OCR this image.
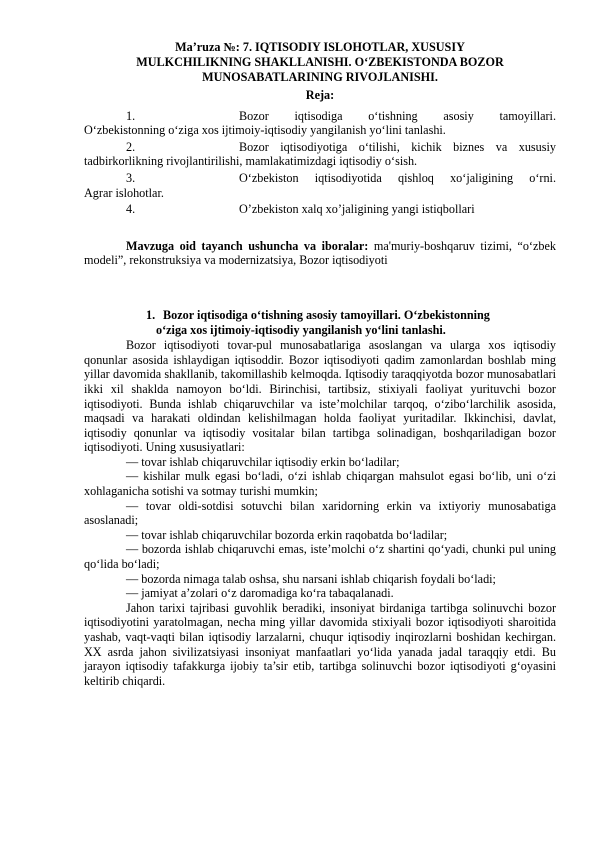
Ma’ruza №: 7. IQTISODIY ISLOHOTLAR, XUSUSIY
MULKCHILIKNING SHAKLLANISHI. O‘ZBEKISTONDA BOZOR
MUNOSABATLARINING RIVOJLANISHI.
Reja:
1.	Bozor iqtisodiga o‘tishning asosiy tamoyillari.
O‘zbekistonning o‘ziga xos ijtimoiy-iqtisodiy yangilanish yo‘lini tanlashi.
2.	Bozor iqtisodiyotiga o‘tilishi, kichik biznes va xususiy
tadbirkorlikning rivojlantirilishi, mamlakatimizdagi iqtisodiy o‘sish.
3.	O‘zbekiston iqtisodiyotida qishloq xo‘jaligining o‘rni.
Agrar islohotlar.
4.	O’zbekiston xalq xo’jaligining yangi istiqbollari

Mavzuga oid tayanch ushuncha va iboralar: ma'muriy-boshqaruv tizimi, “o‘zbek modeli”, rekonstruksiya va modernizatsiya, Bozor iqtisodiyoti

1. Bozor iqtisodiga o‘tishning asosiy tamoyillari. O‘zbekistonning
o‘ziga xos ijtimoiy-iqtisodiy yangilanish yo‘lini tanlashi.

Bozor iqtisodiyoti tovar-pul munosabatlariga asoslangan va ularga xos iqtisodiy qonunlar asosida ishlaydigan iqtisoddir. Bozor iqtisodiyoti qadim zamonlardan boshlab ming yillar davomida shakllanib, takomillashib kelmoqda. Iqtisodiy taraqqiyotda bozor munosabatlari ikki xil shaklda namoyon bo‘ldi. Birinchisi, tartibsiz, stixiyali faoliyat yurituvchi bozor iqtisodiyoti. Bunda ishlab chiqaruvchilar va iste’molchilar tarqoq, o‘zibo‘larchilik asosida, maqsadi va harakati oldindan kelishilmagan holda faoliyat yuritadilar. Ikkinchisi, davlat, iqtisodiy qonunlar va iqtisodiy vositalar bilan tartibga solinadigan, boshqariladigan bozor iqtisodiyoti. Uning xususiyatlari:

— tovar ishlab chiqaruvchilar iqtisodiy erkin bo‘ladilar;

— kishilar mulk egasi bo‘ladi, o‘zi ishlab chiqargan mahsulot egasi bo‘lib, uni o‘zi xohlaganicha sotishi va sotmay turishi mumkin;

— tovar oldi-sotdisi sotuvchi bilan xaridorning erkin va ixtiyoriy munosabatiga asoslanadi;

— tovar ishlab chiqaruvchilar bozorda erkin raqobatda bo‘ladilar;

— bozorda ishlab chiqaruvchi emas, iste’molchi o‘z shartini qo‘yadi, chunki pul uning qo‘lida bo‘ladi;

— bozorda nimaga talab oshsa, shu narsani ishlab chiqarish foydali bo‘ladi;

— jamiyat a’zolari o‘z daromadiga ko‘ra tabaqalanadi.

Jahon tarixi tajribasi guvohlik beradiki, insoniyat birdaniga tartibga solinuvchi bozor iqtisodiyotini yaratolmagan, necha ming yillar davomida stixiyali bozor iqtisodiyoti sharoitida yashab, vaqt-vaqti bilan iqtisodiy larzalarni, chuqur iqtisodiy inqirozlarni boshidan kechirgan. XX asrda jahon sivilizatsiyasi insoniyat manfaatlari yo‘lida yanada jadal taraqqiy etdi. Bu jarayon iqtisodiy tafakkurga ijobiy ta’sir etib, tartibga solinuvchi bozor iqtisodiyoti g‘oyasini keltirib chiqardi.
